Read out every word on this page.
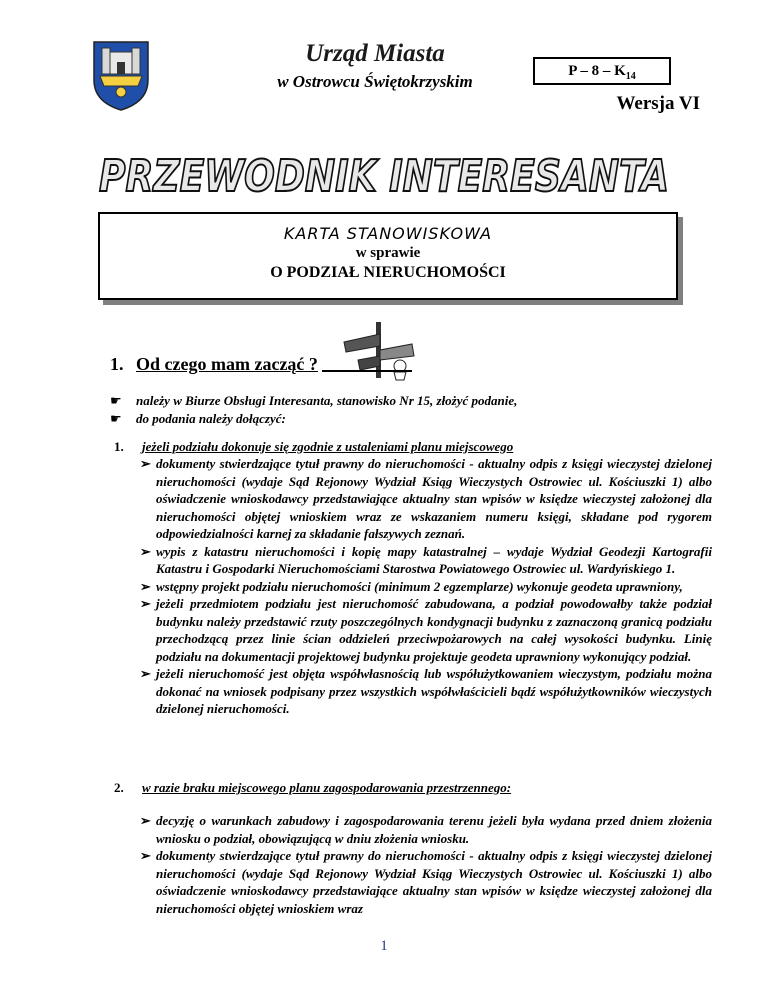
Urząd Miasta
w Ostrowcu Świętokrzyskim
P – $8 - K_{14}$
Wersja VI
PRZEWODNIK INTERESANTA
KARTA STANOWISKOWA
w sprawie
O PODZIAŁ NIERUCHOMOŚCI
1. Od czego mam zacząć ?
☛ należy w Biurze Obsługi Interesanta, stanowisko Nr 15, złożyć podanie,
☛ do podania należy dołączyć:
1. jeżeli podziału dokonuje się zgodnie z ustaleniami planu miejscowego

➢ dokumenty stwierdzające tytuł prawny do nieruchomości - aktualny odpis z księgi wieczystej dzielonej nieruchomości (wydaje Sąd Rejonowy Wydział Ksiąg Wieczystych Ostrowiec ul. Kościuszki 1) albo oświadczenie wnioskodawcy przedstawiające aktualny stan wpisów w księdze wieczystej założonej dla nieruchomości objętej wnioskiem wraz ze wskazaniem numeru księgi, składane pod rygorem odpowiedzialności karnej za składanie fałszywych zeznań.

➢ wypis z katastru nieruchomości i kopię mapy katastralnej – wydaje Wydział Geodezji Kartografii Katastru i Gospodarki Nieruchomościami Starostwa Powiatowego Ostrowiec ul. Wardyńskiego 1.

➢ wstępny projekt podziału nieruchomości (minimum 2 egzemplarze) wykonuje geodeta uprawniony,

➢ jeżeli przedmiotem podziału jest nieruchomość zabudowana, a podział powodowałby także podział budynku należy przedstawić rzuty poszczególnych kondygnacji budynku z zaznaczoną granicą podziału przechodzącą przez linie ścian oddzieleń przeciwpożarowych na całej wysokości budynku. Linię podziału na dokumentacji projektowej budynku projektuje geodeta uprawniony wykonujący podział.

➢ jeżeli nieruchomość jest objęta współwłasnością lub współużytkowaniem wieczystym, podziału można dokonać na wniosek podpisany przez wszystkich współwłaścicieli bądź współużytkowników wieczystych dzielonej nieruchomości.

2. w razie braku miejscowego planu zagospodarowania przestrzennego:

➢ decyzję o warunkach zabudowy i zagospodarowania terenu jeżeli była wydana przed dniem złożenia wniosku o podział, obowiązującą w dniu złożenia wniosku.

➢ dokumenty stwierdzające tytuł prawny do nieruchomości - aktualny odpis z księgi wieczystej dzielonej nieruchomości (wydaje Sąd Rejonowy Wydział Ksiąg Wieczystych Ostrowiec ul. Kościuszki 1) albo oświadczenie wnioskodawcy przedstawiające aktualny stan wpisów w księdze wieczystej założonej dla nieruchomości objętej wnioskiem wraz

1
